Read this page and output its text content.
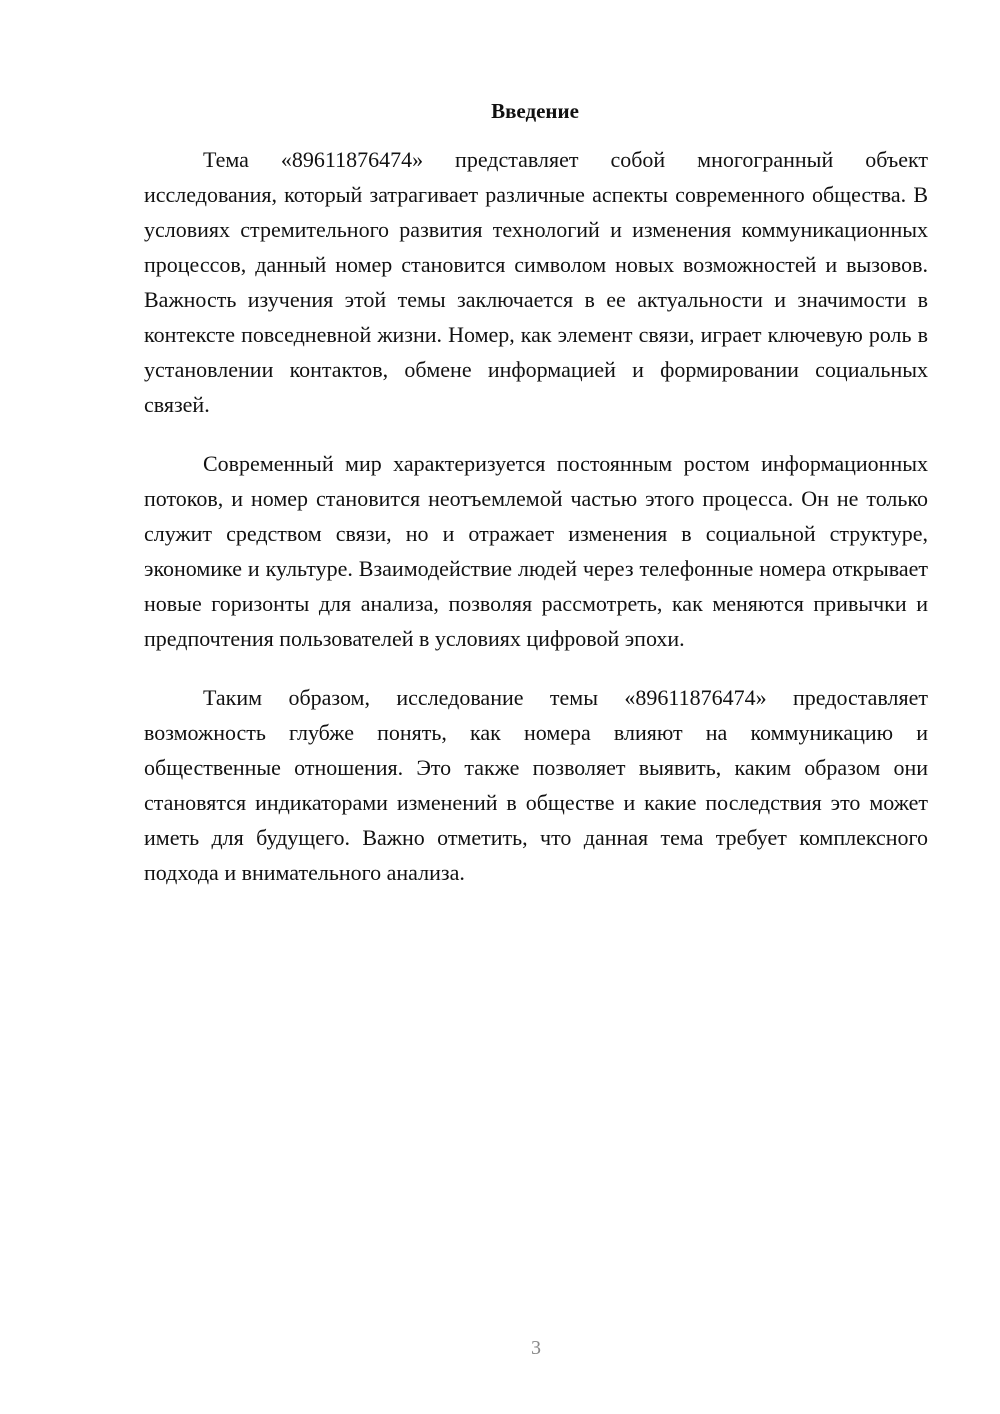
Введение

Тема «89611876474» представляет собой многогранный объект исследования, который затрагивает различные аспекты современного общества. В условиях стремительного развития технологий и изменения коммуникационных процессов, данный номер становится символом новых возможностей и вызовов. Важность изучения этой темы заключается в ее актуальности и значимости в контексте повседневной жизни. Номер, как элемент связи, играет ключевую роль в установлении контактов, обмене информацией и формировании социальных связей.

Современный мир характеризуется постоянным ростом информационных потоков, и номер становится неотъемлемой частью этого процесса. Он не только служит средством связи, но и отражает изменения в социальной структуре, экономике и культуре. Взаимодействие людей через телефонные номера открывает новые горизонты для анализа, позволяя рассмотреть, как меняются привычки и предпочтения пользователей в условиях цифровой эпохи.

Таким образом, исследование темы «89611876474» предоставляет возможность глубже понять, как номера влияют на коммуникацию и общественные отношения. Это также позволяет выявить, каким образом они становятся индикаторами изменений в обществе и какие последствия это может иметь для будущего. Важно отметить, что данная тема требует комплексного подхода и внимательного анализа.

3
